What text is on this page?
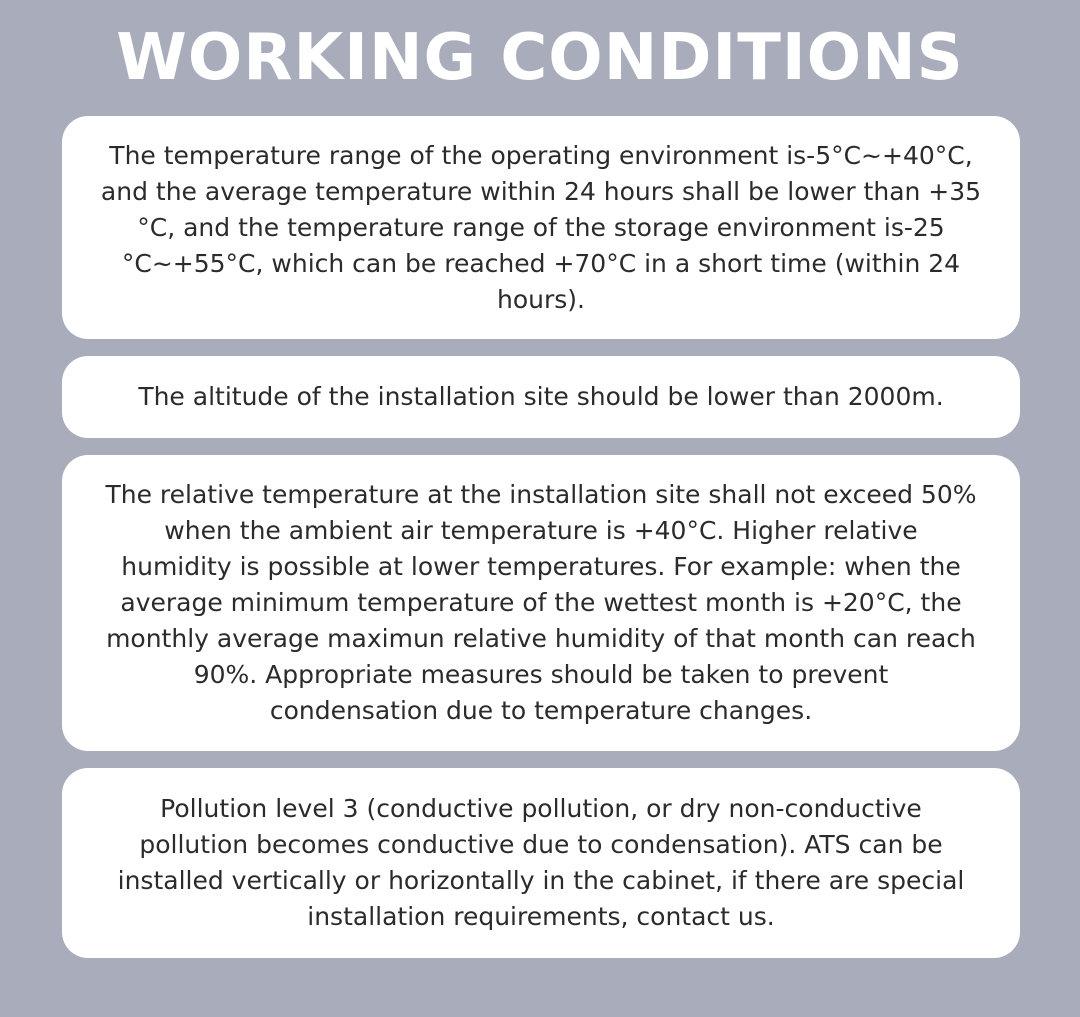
WORKING CONDITIONS

The temperature range of the operating environment is-5°C~+40°C,
and the average temperature within 24 hours shall be lower than +35
°C, and the temperature range of the storage environment is-25
°C~+55°C, which can be reached +70°C in a short time (within 24
hours).

The altitude of the installation site should be lower than 2000m.

The relative temperature at the installation site shall not exceed 50%
when the ambient air temperature is +40°C. Higher relative
humidity is possible at lower temperatures. For example: when the
average minimum temperature of the wettest month is +20°C, the
monthly average maximun relative humidity of that month can reach
90%. Appropriate measures should be taken to prevent
condensation due to temperature changes.

Pollution level 3 (conductive pollution, or dry non-conductive
pollution becomes conductive due to condensation). ATS can be
installed vertically or horizontally in the cabinet, if there are special
installation requirements, contact us.
